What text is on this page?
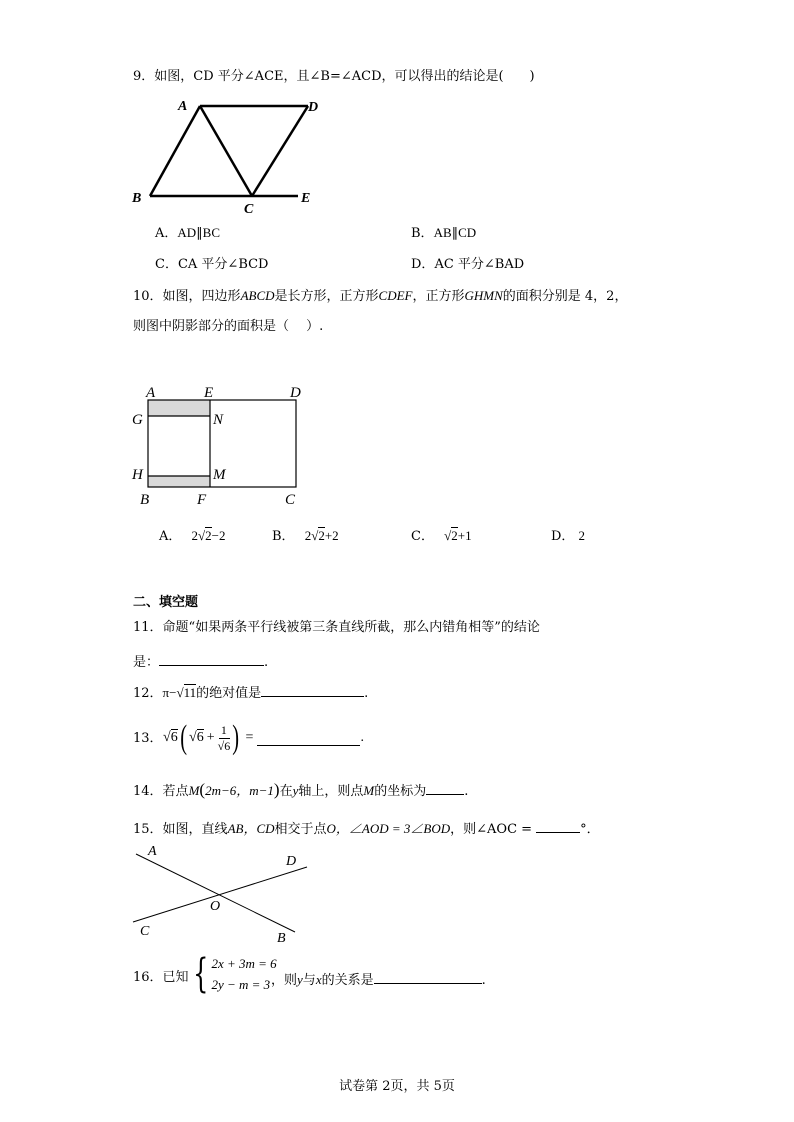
9．如图，CD 平分∠ACE，且∠B=∠ACD，可以得出的结论是(　　)
A	D
B
C
E
A．AD∥BC	B．AB∥CD
C．CA 平分∠BCD	D．AC 平分∠BAD
10．如图，四边形ABCD是长方形，正方形CDEF，正方形GHMN的面积分别是 4，2，
则图中阴影部分的面积是（　 ）.
A	E	D
G	N
H	M
B	F	C
A． 2√2−2	B． 2√2+2	C． √2+1	D． 2
二、填空题
11．命题“如果两条平行线被第三条直线所截，那么内错角相等”的结论
是：	.
12．π−√11的绝对值是	.
13． √6 ( $√6 + \frac{1}{√6}$ ) =	.
14．若点M(2m−6，m−1)在y轴上，则点M的坐标为	.
15．如图，直线AB，CD相交于点O，∠AOD = 3∠BOD，则∠AOC =	°．
A
D
O
C	B
16．已知 { 2x + 3m = 6
2y − m = 3 ，则y与x的关系是	.
试卷第 2页，共 5页
